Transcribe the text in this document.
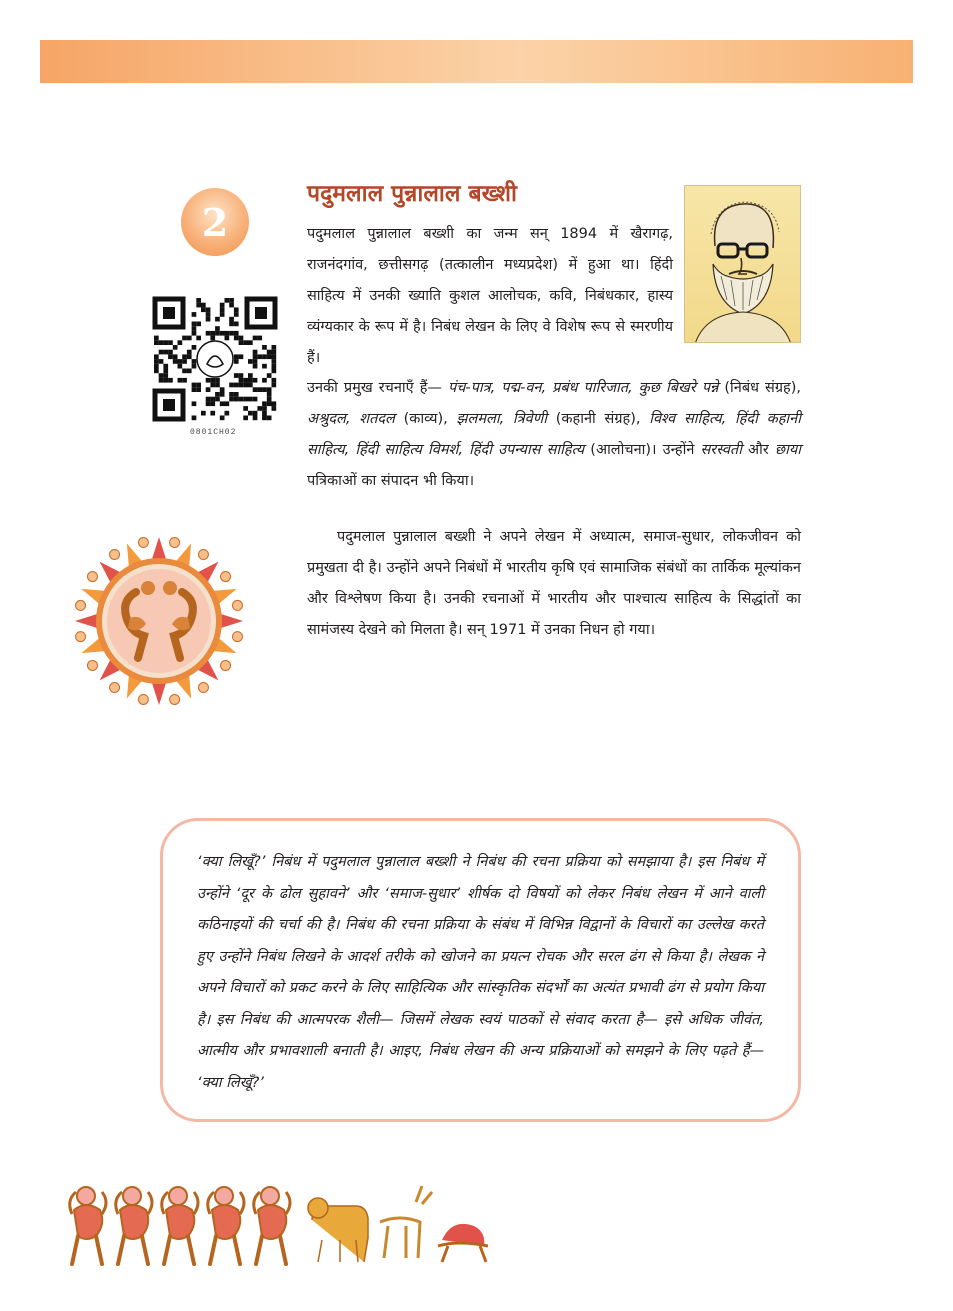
2
0801CH02
पदुमलाल पुन्नालाल बख्शी

पदुमलाल पुन्नालाल बख्शी का जन्म सन् 1894 में खैरागढ़, राजनंदगांव, छत्तीसगढ़ (तत्कालीन मध्यप्रदेश) में हुआ था। हिंदी साहित्य में उनकी ख्याति कुशल आलोचक, कवि, निबंधकार, हास्य व्यंग्यकार के रूप में है। निबंध लेखन के लिए वे विशेष रूप से स्मरणीय हैं।

उनकी प्रमुख रचनाएँ हैं— पंच-पात्र, पद्म-वन, प्रबंध पारिजात, कुछ बिखरे पन्ने (निबंध संग्रह), अश्रुदल, शतदल (काव्य), झलमला, त्रिवेणी (कहानी संग्रह), विश्व साहित्य, हिंदी कहानी साहित्य, हिंदी साहित्य विमर्श, हिंदी उपन्यास साहित्य (आलोचना)। उन्होंने सरस्वती और छाया पत्रिकाओं का संपादन भी किया।

पदुमलाल पुन्नालाल बख्शी ने अपने लेखन में अध्यात्म, समाज-सुधार, लोकजीवन को प्रमुखता दी है। उन्होंने अपने निबंधों में भारतीय कृषि एवं सामाजिक संबंधों का तार्किक मूल्यांकन और विश्लेषण किया है। उनकी रचनाओं में भारतीय और पाश्चात्य साहित्य के सिद्धांतों का सामंजस्य देखने को मिलता है। सन् 1971 में उनका निधन हो गया।

‘क्या लिखूँ?’ निबंध में पदुमलाल पुन्नालाल बख्शी ने निबंध की रचना प्रक्रिया को समझाया है। इस निबंध में उन्होंने ‘दूर के ढोल सुहावने’ और ‘समाज-सुधार’ शीर्षक दो विषयों को लेकर निबंध लेखन में आने वाली कठिनाइयों की चर्चा की है। निबंध की रचना प्रक्रिया के संबंध में विभिन्न विद्वानों के विचारों का उल्लेख करते हुए उन्होंने निबंध लिखने के आदर्श तरीके को खोजने का प्रयत्न रोचक और सरल ढंग से किया है। लेखक ने अपने विचारों को प्रकट करने के लिए साहित्यिक और सांस्कृतिक संदर्भों का अत्यंत प्रभावी ढंग से प्रयोग किया है। इस निबंध की आत्मपरक शैली— जिसमें लेखक स्वयं पाठकों से संवाद करता है— इसे अधिक जीवंत, आत्मीय और प्रभावशाली बनाती है। आइए, निबंध लेखन की अन्य प्रक्रियाओं को समझने के लिए पढ़ते हैं— ‘क्या लिखूँ?’
